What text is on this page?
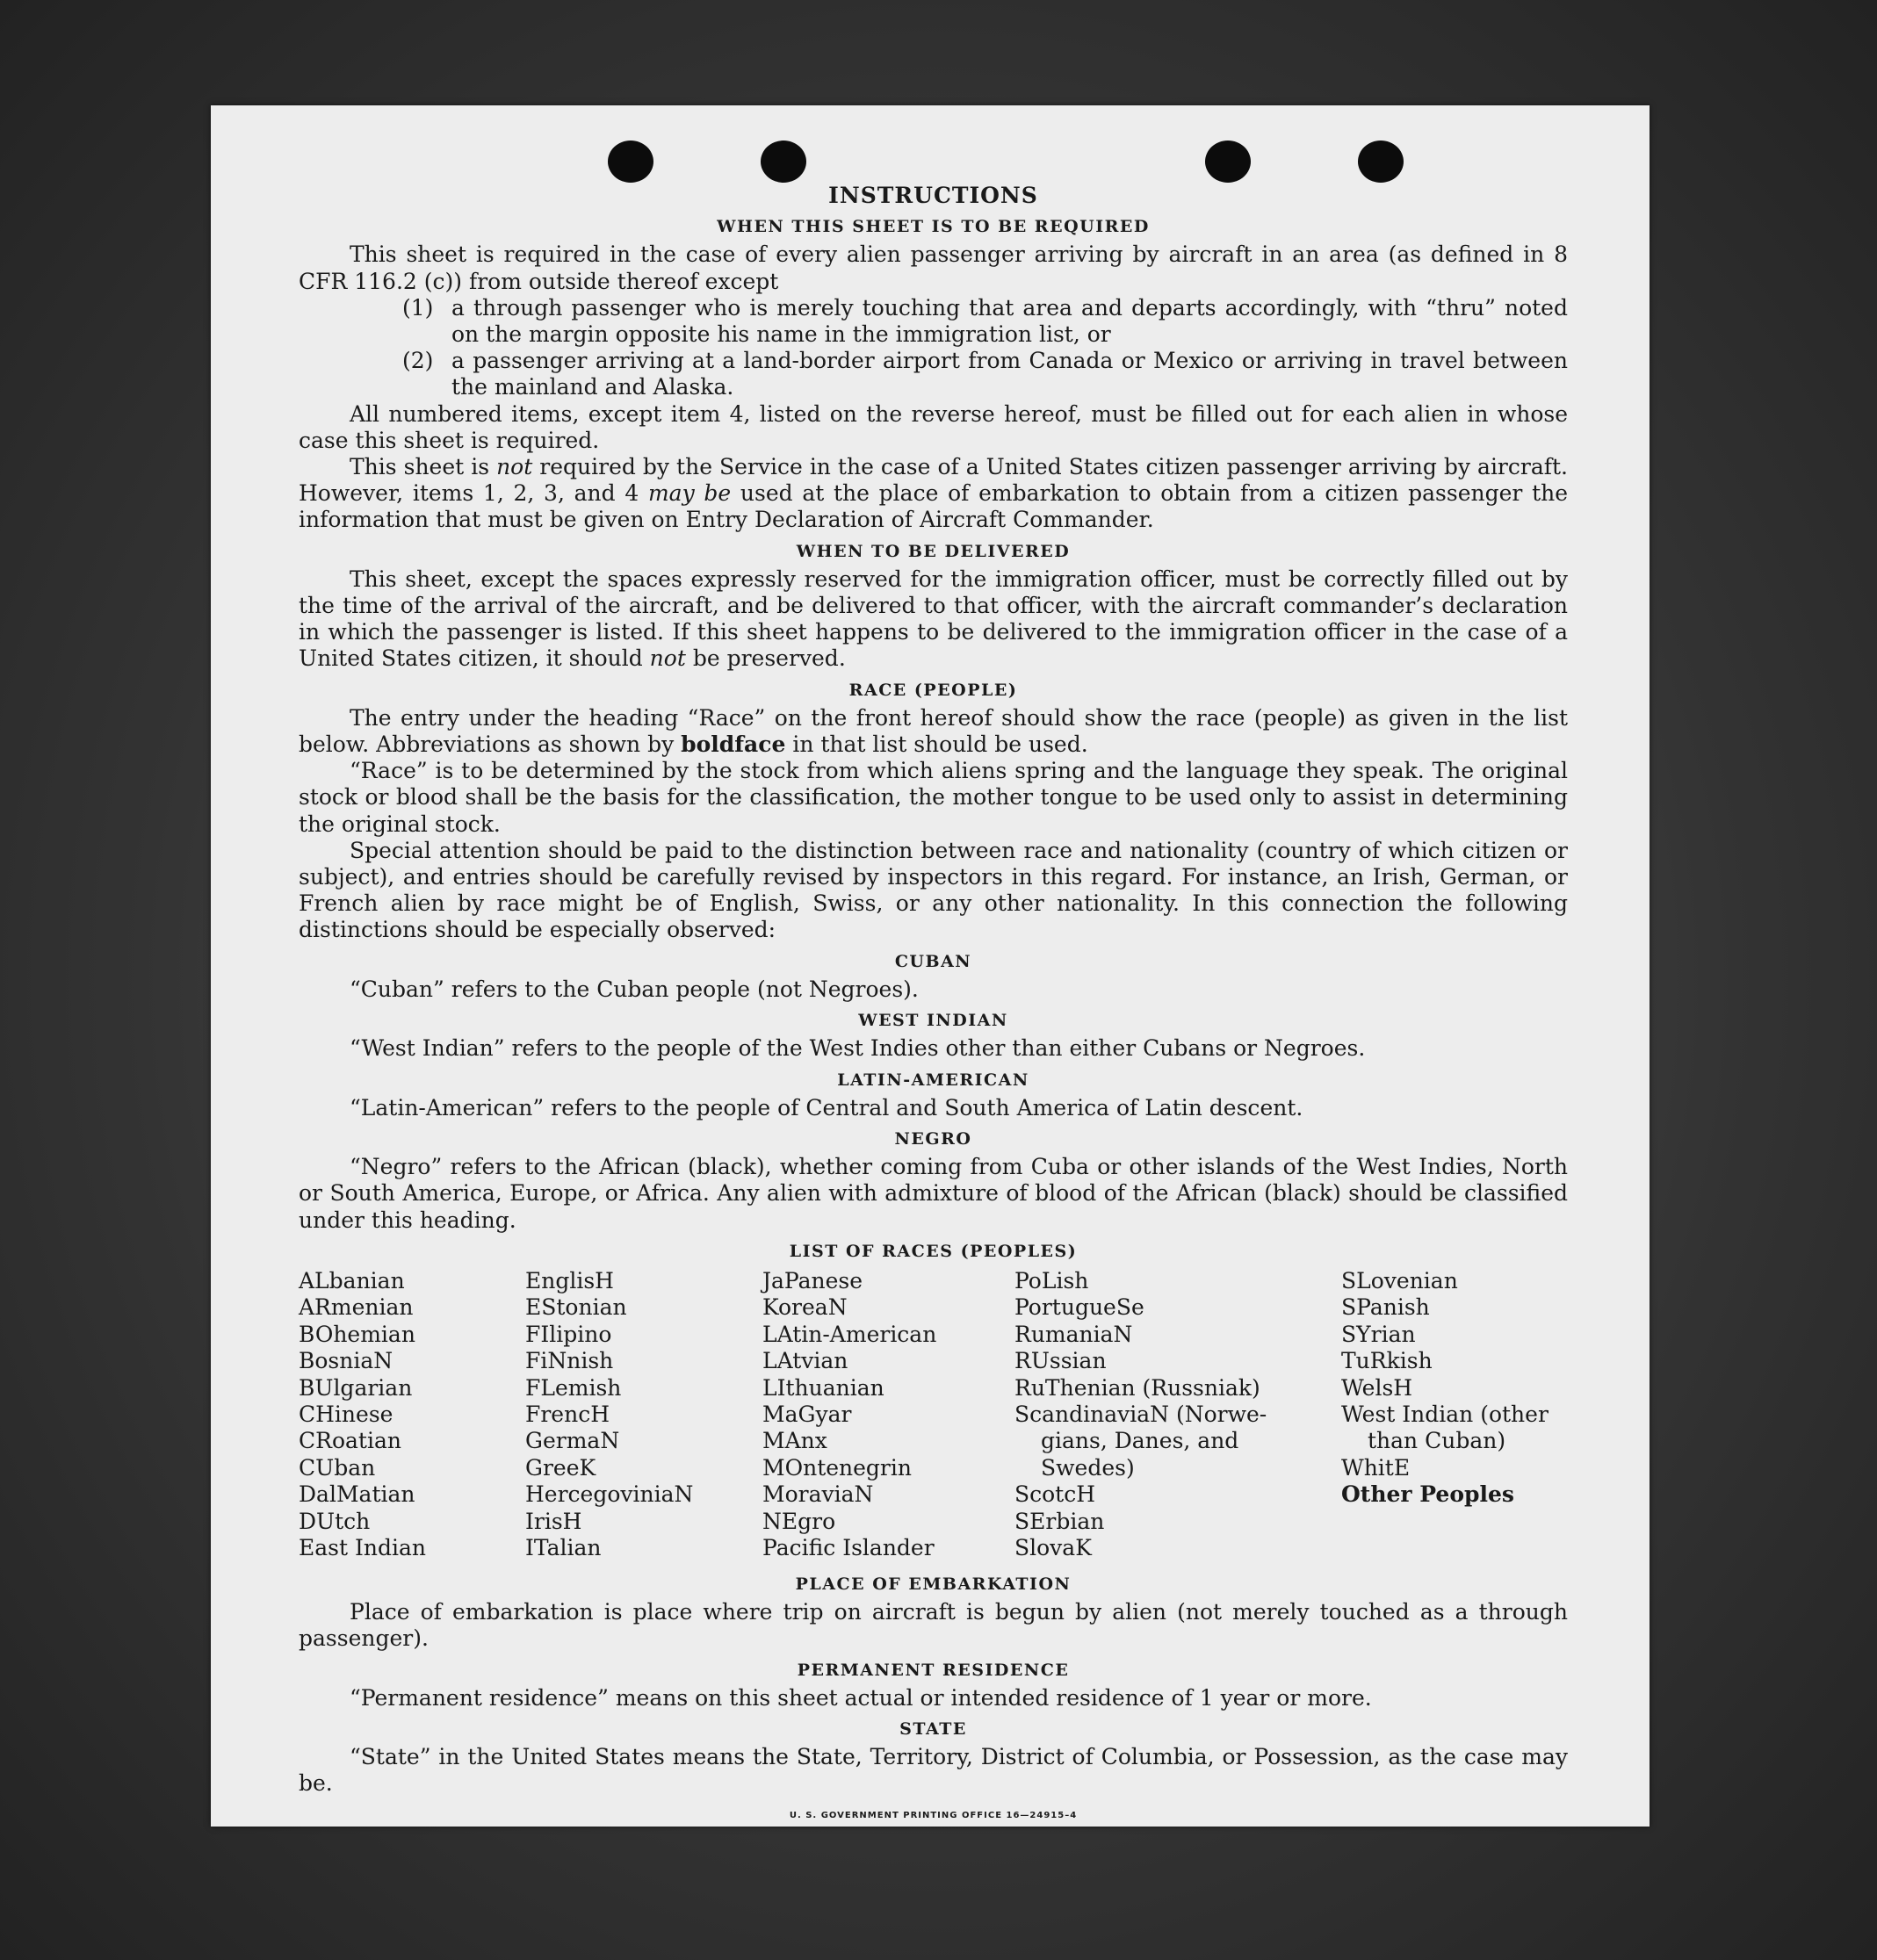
INSTRUCTIONS
WHEN THIS SHEET IS TO BE REQUIRED

This sheet is required in the case of every alien passenger arriving by aircraft in an area (as defined in 8 CFR 116.2 (c)) from outside thereof except

(1) a through passenger who is merely touching that area and departs accordingly, with “thru” noted on the margin opposite his name in the immigration list, or
(2) a passenger arriving at a land-border airport from Canada or Mexico or arriving in travel between the mainland and Alaska.

All numbered items, except item 4, listed on the reverse hereof, must be filled out for each alien in whose case this sheet is required.

This sheet is not required by the Service in the case of a United States citizen passenger arriving by aircraft. However, items 1, 2, 3, and 4 may be used at the place of embarkation to obtain from a citizen passenger the information that must be given on Entry Declaration of Aircraft Commander.

WHEN TO BE DELIVERED

This sheet, except the spaces expressly reserved for the immigration officer, must be correctly filled out by the time of the arrival of the aircraft, and be delivered to that officer, with the aircraft commander’s declaration in which the passenger is listed. If this sheet happens to be delivered to the immigration officer in the case of a United States citizen, it should not be preserved.

RACE (PEOPLE)

The entry under the heading “Race” on the front hereof should show the race (people) as given in the list below. Abbreviations as shown by boldface in that list should be used.

“Race” is to be determined by the stock from which aliens spring and the language they speak. The original stock or blood shall be the basis for the classification, the mother tongue to be used only to assist in determining the original stock.

Special attention should be paid to the distinction between race and nationality (country of which citizen or subject), and entries should be carefully revised by inspectors in this regard. For instance, an Irish, German, or French alien by race might be of English, Swiss, or any other nationality. In this connection the following distinctions should be especially observed:

CUBAN

“Cuban” refers to the Cuban people (not Negroes).

WEST INDIAN

“West Indian” refers to the people of the West Indies other than either Cubans or Negroes.

LATIN-AMERICAN

“Latin-American” refers to the people of Central and South America of Latin descent.

NEGRO

“Negro” refers to the African (black), whether coming from Cuba or other islands of the West Indies, North or South America, Europe, or Africa. Any alien with admixture of blood of the African (black) should be classified under this heading.

LIST OF RACES (PEOPLES)
ALbanian
ARmenian
BOhemian
BosniaN
BUlgarian
CHinese
CRoatian
CUban
DalMatian
DUtch
East Indian
EnglisH
EStonian
FIlipino
FiNnish
FLemish
FrencH
GermaN
GreeK
HercegoviniaN
IrisH
ITalian
JaPanese
KoreaN
LAtin-American
LAtvian
LIthuanian
MaGyar
MAnx
MOntenegrin
MoraviaN
NEgro
Pacific Islander
PoLish
PortugueSe
RumaniaN
RUssian
RuThenian (Russniak)
ScandinaviaN (Norwe-
gians, Danes, and
Swedes)
ScotcH
SErbian
SlovaK
SLovenian
SPanish
SYrian
TuRkish
WelsH
West Indian (other
than Cuban)
WhitE
Other Peoples
PLACE OF EMBARKATION

Place of embarkation is place where trip on aircraft is begun by alien (not merely touched as a through passenger).

PERMANENT RESIDENCE

“Permanent residence” means on this sheet actual or intended residence of 1 year or more.

STATE

“State” in the United States means the State, Territory, District of Columbia, or Possession, as the case may be.

U. S. GOVERNMENT PRINTING OFFICE 16—24915–4
